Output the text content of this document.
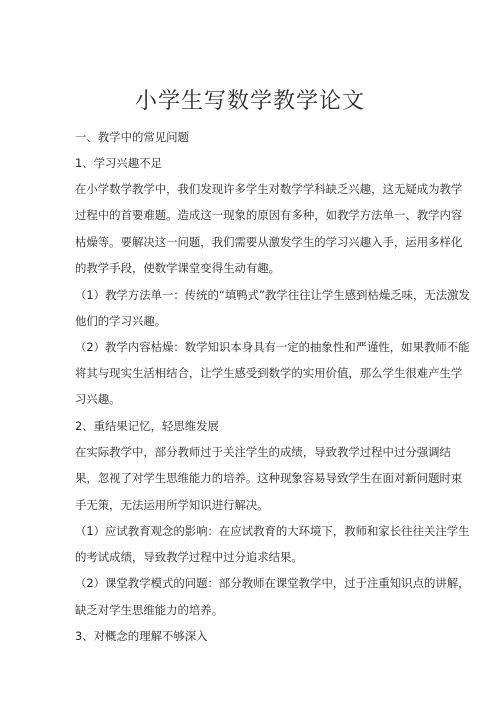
小学生写数学教学论文
一、教学中的常见问题
1、学习兴趣不足
在小学数学教学中，我们发现许多学生对数学学科缺乏兴趣，这无疑成为教学
过程中的首要难题。造成这一现象的原因有多种，如教学方法单一、教学内容
枯燥等。要解决这一问题，我们需要从激发学生的学习兴趣入手，运用多样化
的教学手段，使数学课堂变得生动有趣。
（1）教学方法单一：传统的“填鸭式”教学往往让学生感到枯燥乏味，无法激发
他们的学习兴趣。
（2）教学内容枯燥：数学知识本身具有一定的抽象性和严谨性，如果教师不能
将其与现实生活相结合，让学生感受到数学的实用价值，那么学生很难产生学
习兴趣。
2、重结果记忆，轻思维发展
在实际教学中，部分教师过于关注学生的成绩，导致教学过程中过分强调结
果，忽视了对学生思维能力的培养。这种现象容易导致学生在面对新问题时束
手无策，无法运用所学知识进行解决。
（1）应试教育观念的影响：在应试教育的大环境下，教师和家长往往关注学生
的考试成绩，导致教学过程中过分追求结果。
（2）课堂教学模式的问题：部分教师在课堂教学中，过于注重知识点的讲解，
缺乏对学生思维能力的培养。
3、对概念的理解不够深入
